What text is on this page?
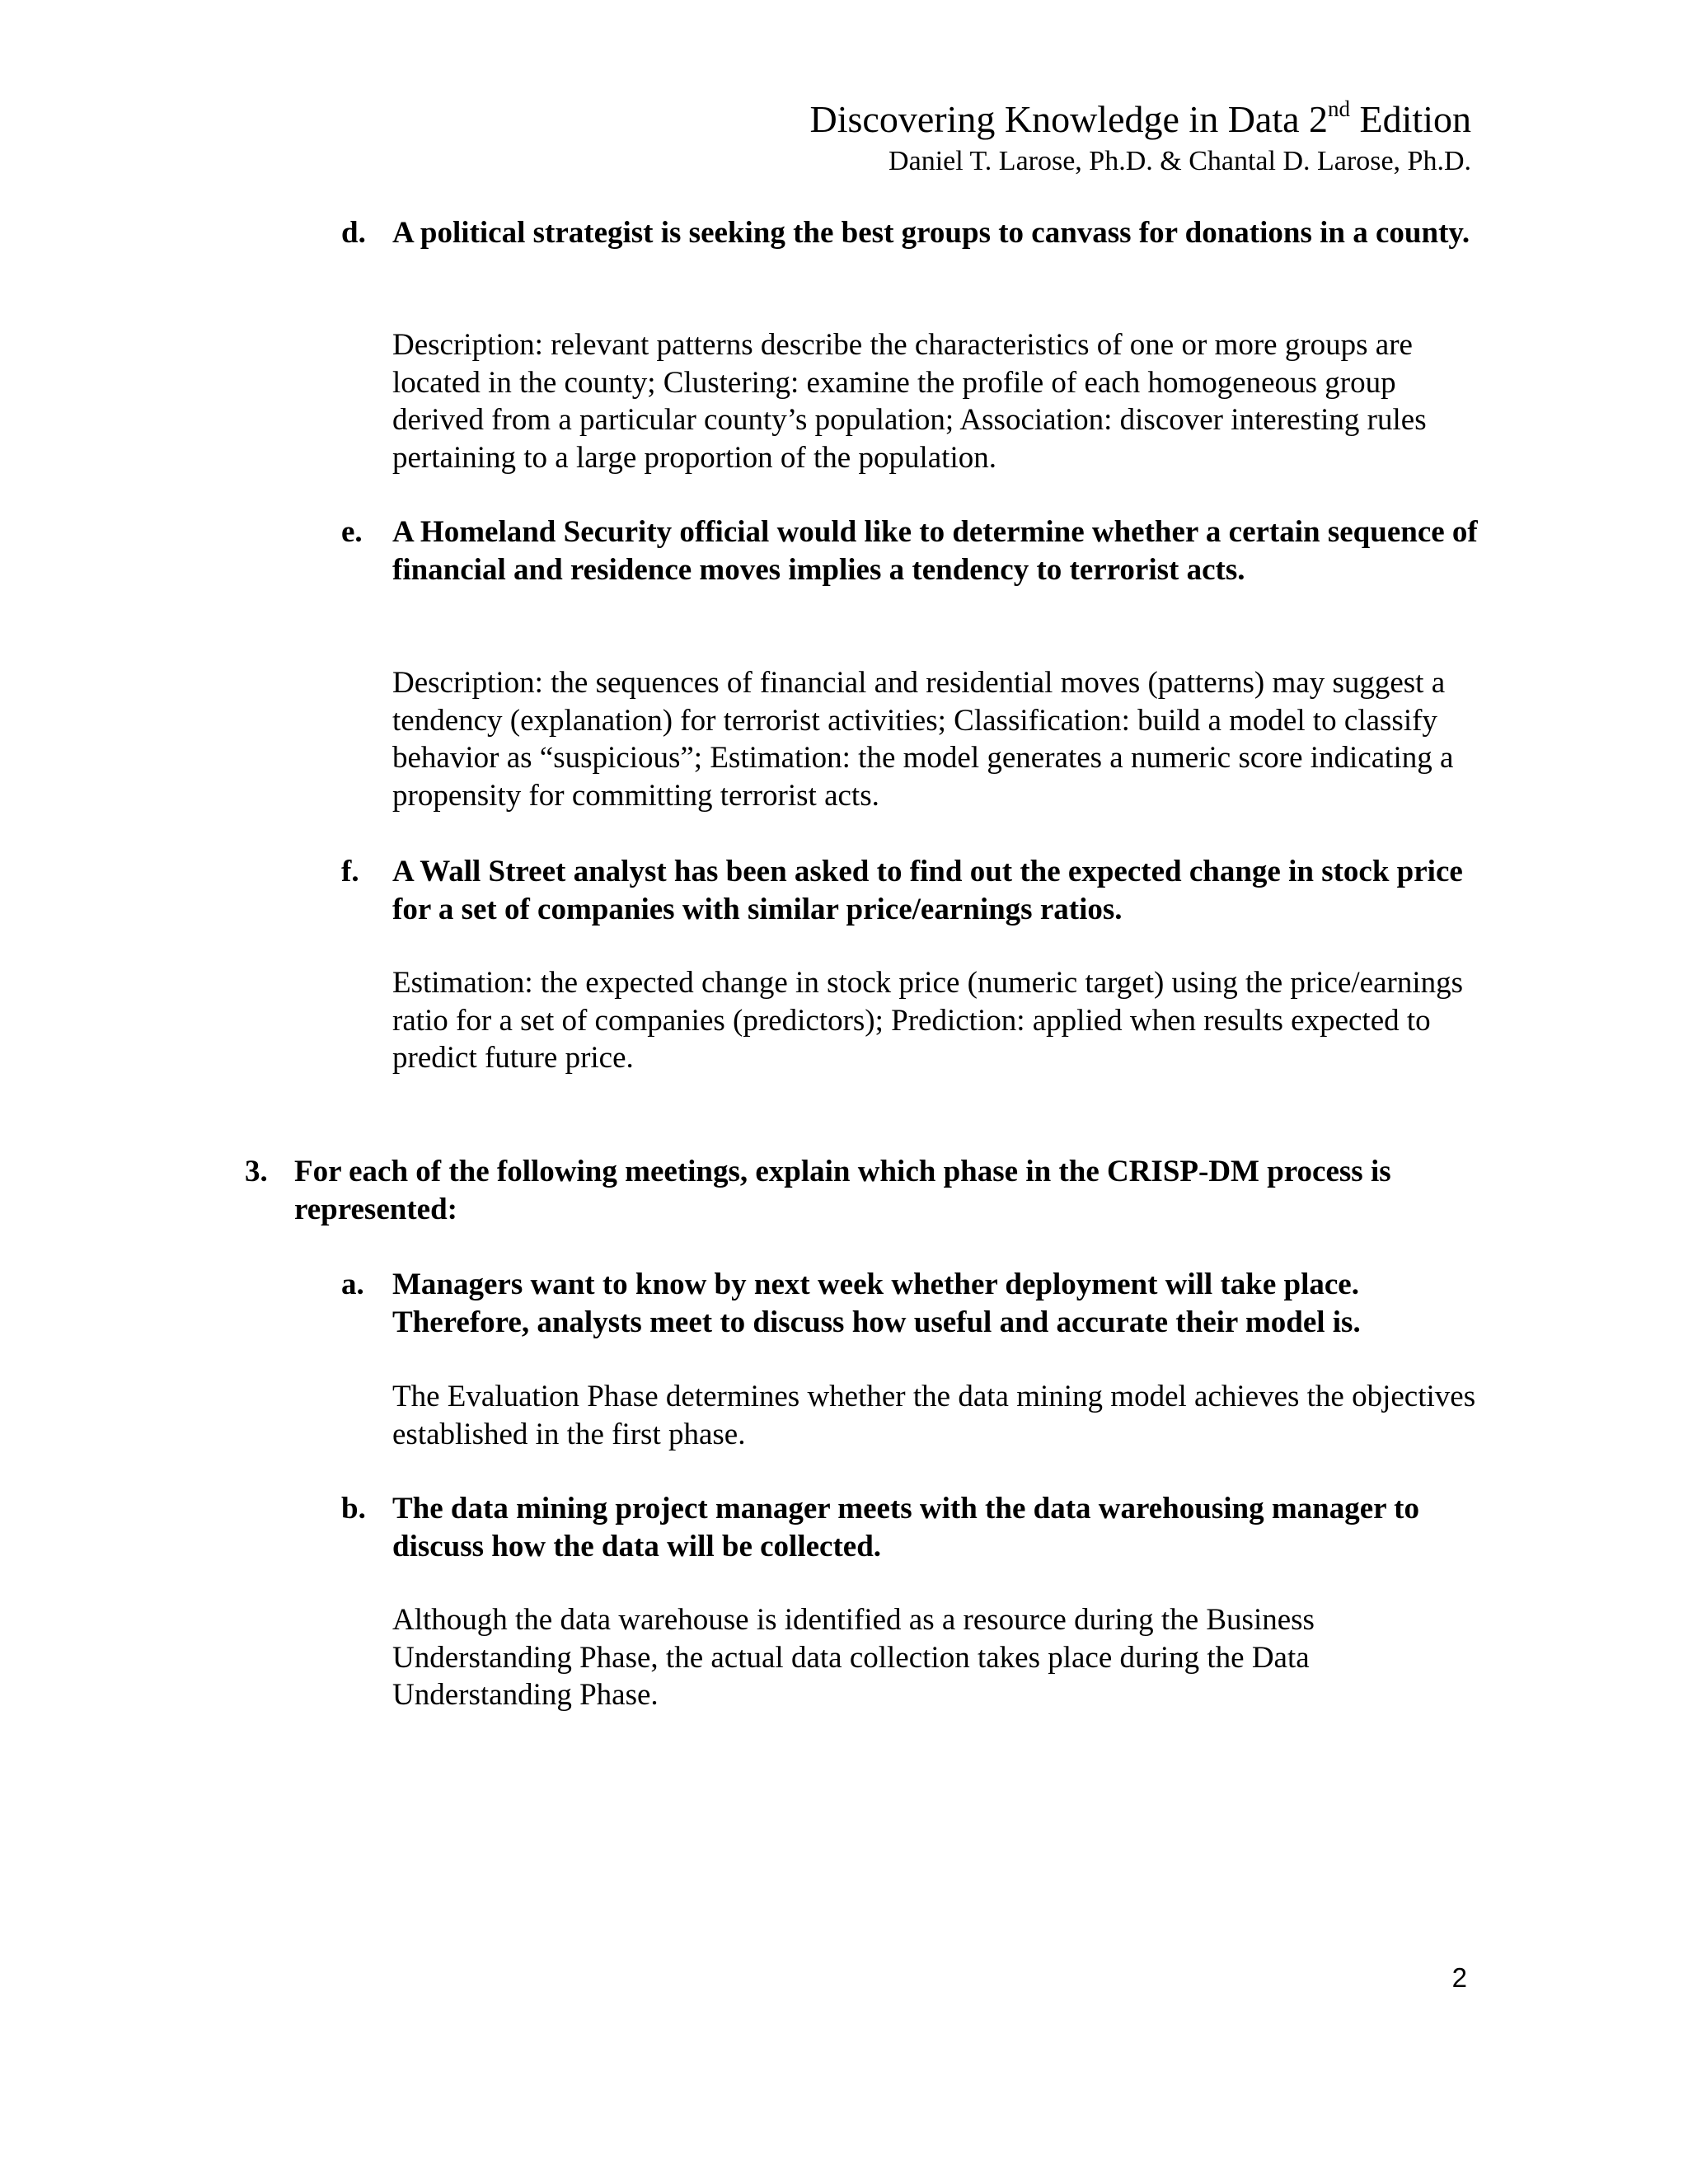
Discovering Knowledge in Data 2nd Edition
Daniel T. Larose, Ph.D. & Chantal D. Larose, Ph.D.
d. A political strategist is seeking the best groups to canvass for donations in a county.
Description: relevant patterns describe the characteristics of one or more groups are located in the county; Clustering: examine the profile of each homogeneous group derived from a particular county’s population; Association: discover interesting rules pertaining to a large proportion of the population.
e. A Homeland Security official would like to determine whether a certain sequence of financial and residence moves implies a tendency to terrorist acts.
Description: the sequences of financial and residential moves (patterns) may suggest a tendency (explanation) for terrorist activities; Classification: build a model to classify behavior as “suspicious”; Estimation: the model generates a numeric score indicating a propensity for committing terrorist acts.
f. A Wall Street analyst has been asked to find out the expected change in stock price for a set of companies with similar price/earnings ratios.
Estimation: the expected change in stock price (numeric target) using the price/earnings ratio for a set of companies (predictors); Prediction: applied when results expected to predict future price.
3. For each of the following meetings, explain which phase in the CRISP-DM process is represented:
a. Managers want to know by next week whether deployment will take place. Therefore, analysts meet to discuss how useful and accurate their model is.
The Evaluation Phase determines whether the data mining model achieves the objectives established in the first phase.
b. The data mining project manager meets with the data warehousing manager to discuss how the data will be collected.
Although the data warehouse is identified as a resource during the Business Understanding Phase, the actual data collection takes place during the Data Understanding Phase.
2
